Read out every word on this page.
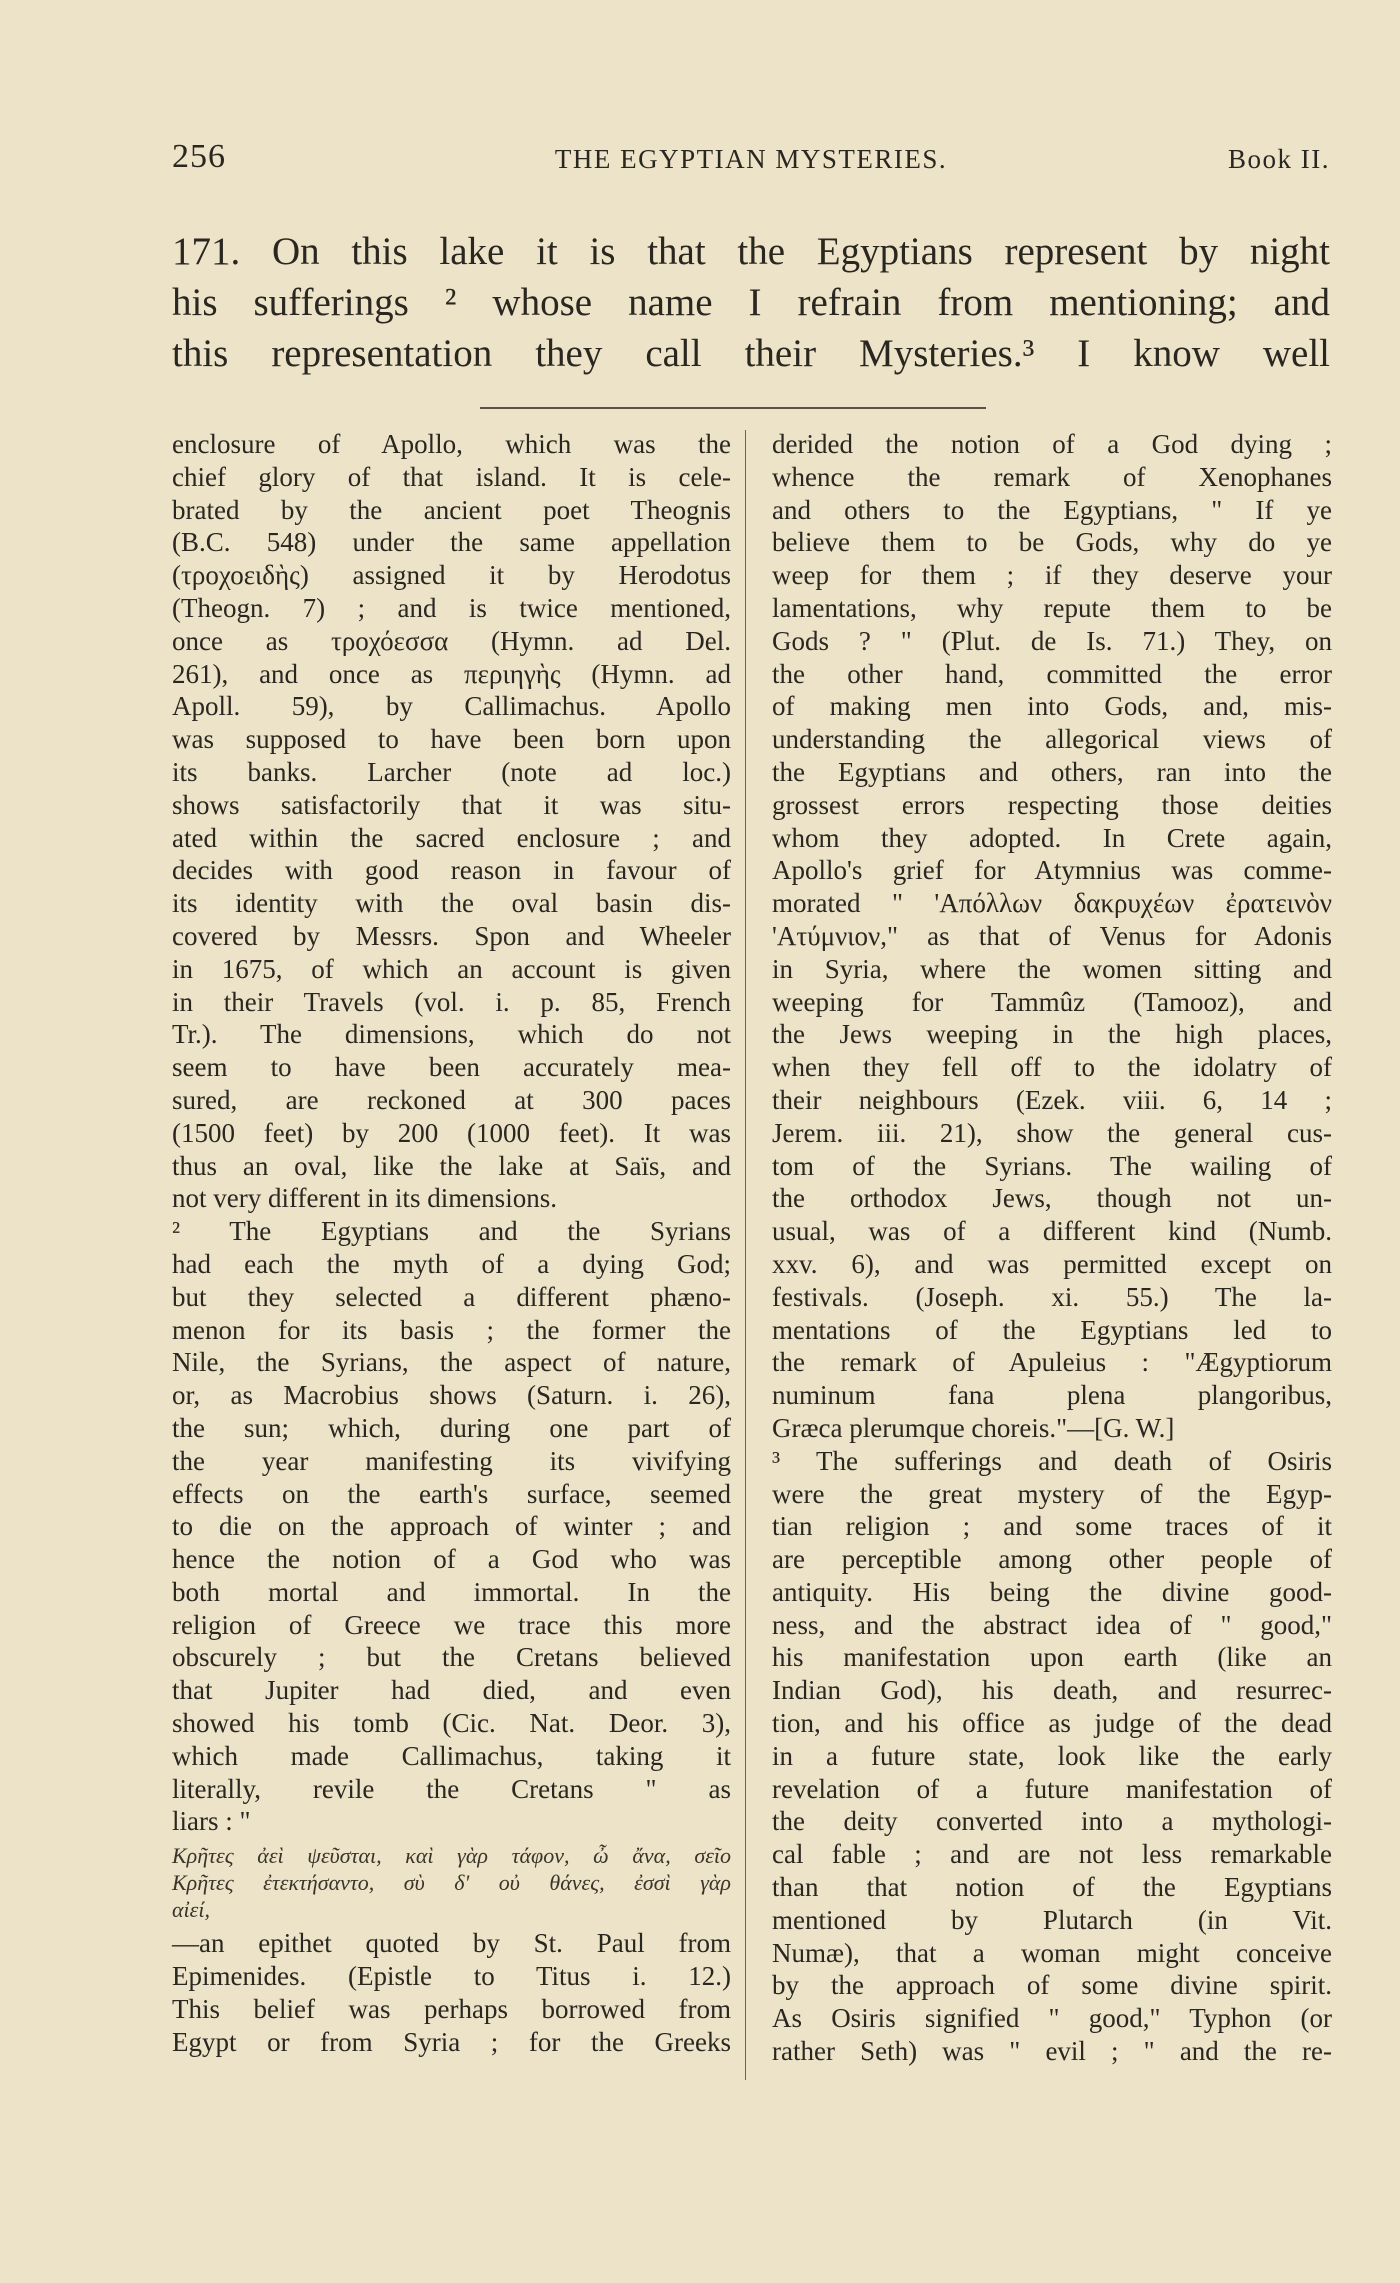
256	THE EGYPTIAN MYSTERIES.	Book II.
171. On this lake it is that the Egyptians represent by night
his sufferings ² whose name I refrain from mentioning; and
this representation they call their Mysteries.³ I know well
enclosure of Apollo, which was the
chief glory of that island. It is cele-
brated by the ancient poet Theognis
(B.C. 548) under the same appellation
(τροχοειδὴς) assigned it by Herodotus
(Theogn. 7) ; and is twice mentioned,
once as τροχόεσσα (Hymn. ad Del.
261), and once as περιηγὴς (Hymn. ad
Apoll. 59), by Callimachus. Apollo
was supposed to have been born upon
its banks. Larcher (note ad loc.)
shows satisfactorily that it was situ-
ated within the sacred enclosure ; and
decides with good reason in favour of
its identity with the oval basin dis-
covered by Messrs. Spon and Wheeler
in 1675, of which an account is given
in their Travels (vol. i. p. 85, French
Tr.). The dimensions, which do not
seem to have been accurately mea-
sured, are reckoned at 300 paces
(1500 feet) by 200 (1000 feet). It was
thus an oval, like the lake at Saïs, and
not very different in its dimensions.
² The Egyptians and the Syrians
had each the myth of a dying God;
but they selected a different phæno-
menon for its basis ; the former the
Nile, the Syrians, the aspect of nature,
or, as Macrobius shows (Saturn. i. 26),
the sun; which, during one part of
the year manifesting its vivifying
effects on the earth's surface, seemed
to die on the approach of winter ; and
hence the notion of a God who was
both mortal and immortal. In the
religion of Greece we trace this more
obscurely ; but the Cretans believed
that Jupiter had died, and even
showed his tomb (Cic. Nat. Deor. 3),
which made Callimachus, taking it
literally, revile the Cretans " as
liars : "
Κρῆτες ἀεὶ ψεῦσται, καὶ γὰρ τάφον, ὦ ἄνα, σεῖο
Κρῆτες ἐτεκτήσαντο, σὺ δ' οὐ θάνες, ἐσσὶ γὰρ
αἰεί,
—an epithet quoted by St. Paul from
Epimenides. (Epistle to Titus i. 12.)
This belief was perhaps borrowed from
Egypt or from Syria ; for the Greeks
derided the notion of a God dying ;
whence the remark of Xenophanes
and others to the Egyptians, " If ye
believe them to be Gods, why do ye
weep for them ; if they deserve your
lamentations, why repute them to be
Gods ? " (Plut. de Is. 71.) They, on
the other hand, committed the error
of making men into Gods, and, mis-
understanding the allegorical views of
the Egyptians and others, ran into the
grossest errors respecting those deities
whom they adopted. In Crete again,
Apollo's grief for Atymnius was comme-
morated " 'Απόλλων δακρυχέων ἐρατεινὸν
'Ατύμνιον," as that of Venus for Adonis
in Syria, where the women sitting and
weeping for Tammûz (Tamooz), and
the Jews weeping in the high places,
when they fell off to the idolatry of
their neighbours (Ezek. viii. 6, 14 ;
Jerem. iii. 21), show the general cus-
tom of the Syrians. The wailing of
the orthodox Jews, though not un-
usual, was of a different kind (Numb.
xxv. 6), and was permitted except on
festivals. (Joseph. xi. 55.) The la-
mentations of the Egyptians led to
the remark of Apuleius : "Ægyptiorum
numinum fana plena plangoribus,
Græca plerumque choreis."—[G. W.]
³ The sufferings and death of Osiris
were the great mystery of the Egyp-
tian religion ; and some traces of it
are perceptible among other people of
antiquity. His being the divine good-
ness, and the abstract idea of " good,"
his manifestation upon earth (like an
Indian God), his death, and resurrec-
tion, and his office as judge of the dead
in a future state, look like the early
revelation of a future manifestation of
the deity converted into a mythologi-
cal fable ; and are not less remarkable
than that notion of the Egyptians
mentioned by Plutarch (in Vit.
Numæ), that a woman might conceive
by the approach of some divine spirit.
As Osiris signified " good," Typhon (or
rather Seth) was " evil ; " and the re-
